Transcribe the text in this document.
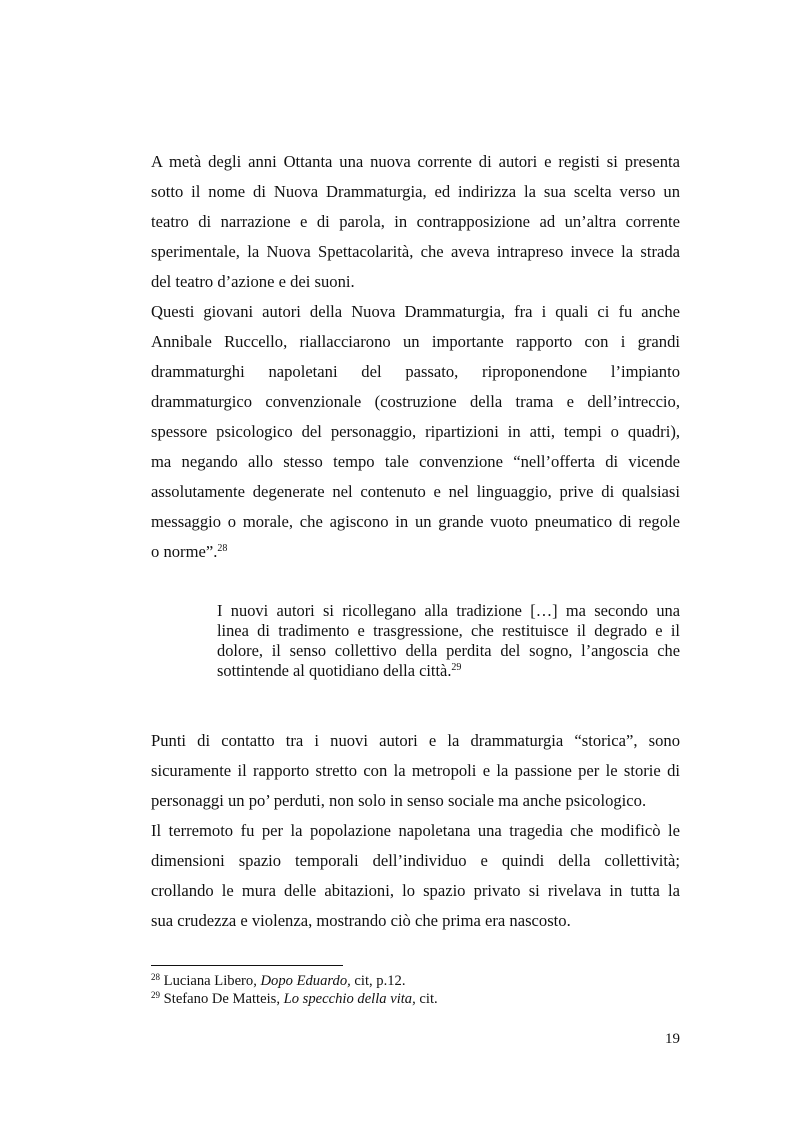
A metà degli anni Ottanta una nuova corrente di autori e registi si presenta
sotto il nome di Nuova Drammaturgia, ed indirizza la sua scelta verso un
teatro di narrazione e di parola, in contrapposizione ad un’altra corrente
sperimentale, la Nuova Spettacolarità, che aveva intrapreso invece la strada
del teatro d’azione e dei suoni.
Questi giovani autori della Nuova Drammaturgia, fra i quali ci fu anche
Annibale Ruccello, riallacciarono un importante rapporto con i grandi
drammaturghi napoletani del passato, riproponendone l’impianto
drammaturgico convenzionale (costruzione della trama e dell’intreccio,
spessore psicologico del personaggio, ripartizioni in atti, tempi o quadri),
ma negando allo stesso tempo tale convenzione “nell’offerta di vicende
assolutamente degenerate nel contenuto e nel linguaggio, prive di qualsiasi
messaggio o morale, che agiscono in un grande vuoto pneumatico di regole
o norme”.$^{28}$
I nuovi autori si ricollegano alla tradizione […] ma secondo una
linea di tradimento e trasgressione, che restituisce il degrado e il
dolore, il senso collettivo della perdita del sogno, l’angoscia che
sottintende al quotidiano della città.$^{29}$
Punti di contatto tra i nuovi autori e la drammaturgia “storica”, sono
sicuramente il rapporto stretto con la metropoli e la passione per le storie di
personaggi un po’ perduti, non solo in senso sociale ma anche psicologico.
Il terremoto fu per la popolazione napoletana una tragedia che modificò le
dimensioni spazio temporali dell’individuo e quindi della collettività;
crollando le mura delle abitazioni, lo spazio privato si rivelava in tutta la
sua crudezza e violenza, mostrando ciò che prima era nascosto.
$^{28}$ Luciana Libero, Dopo Eduardo, cit, p.12.
$^{29}$ Stefano De Matteis, Lo specchio della vita, cit.
19
